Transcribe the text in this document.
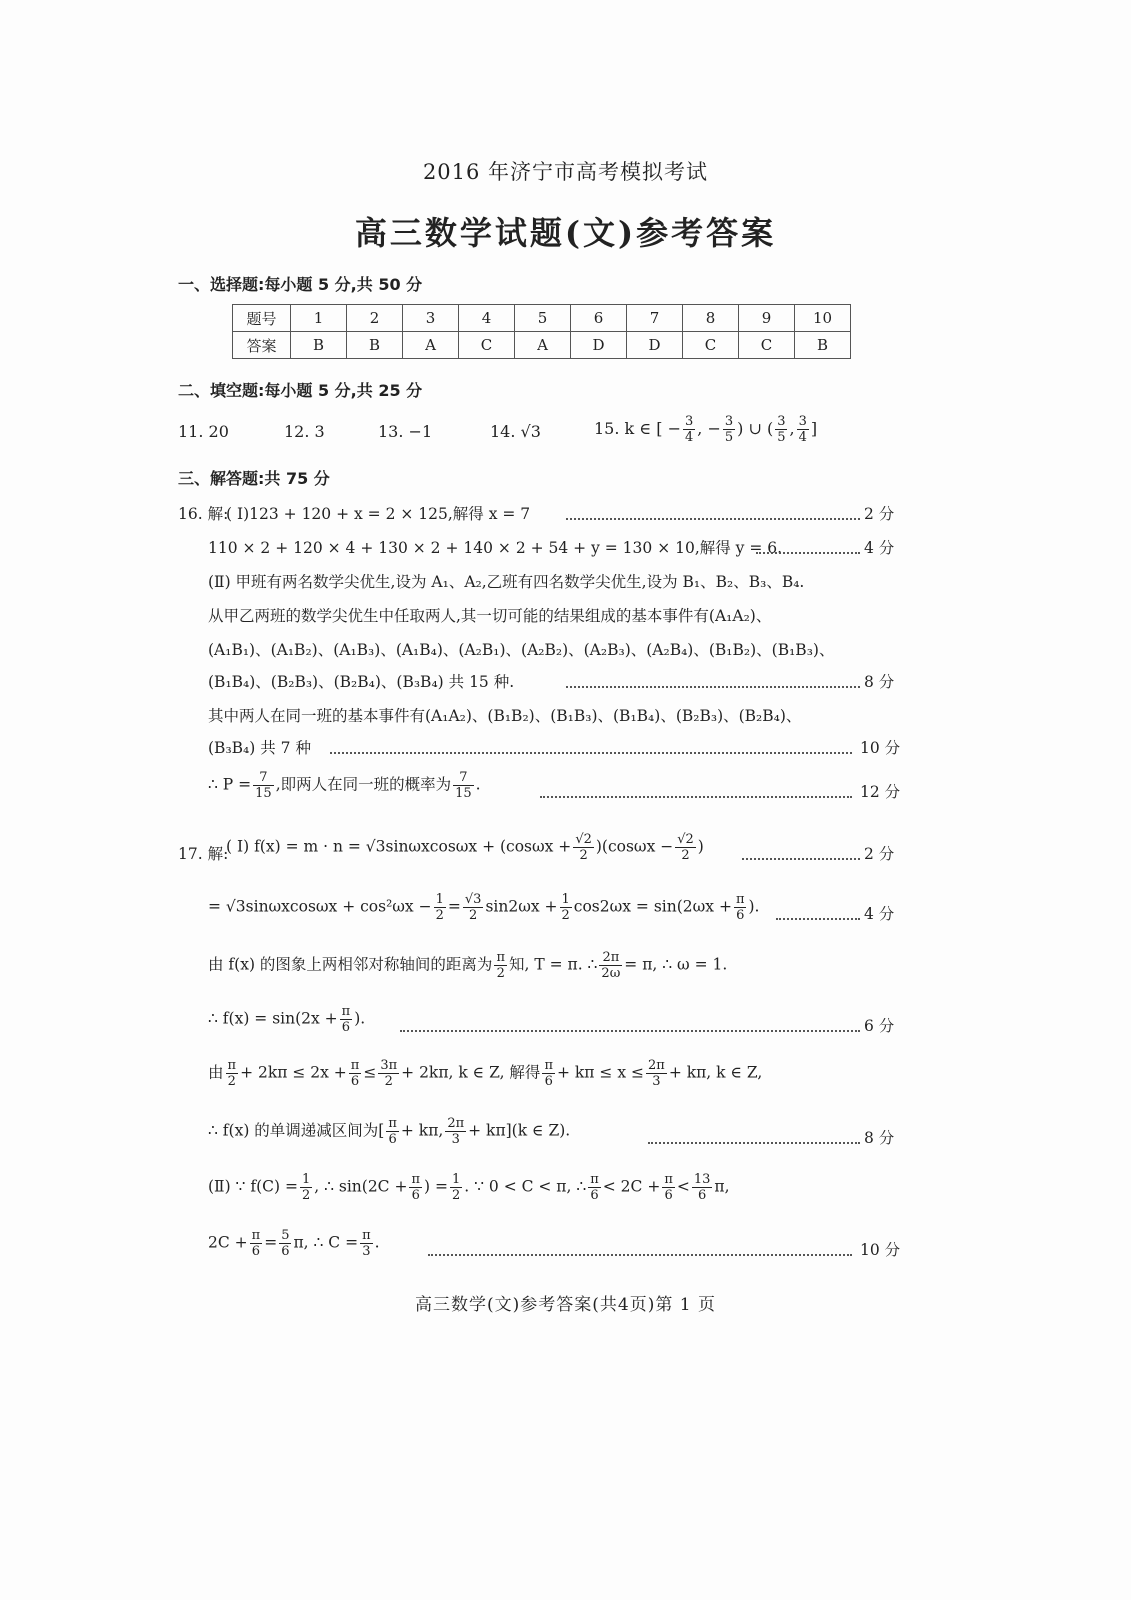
2016 年济宁市高考模拟考试
高三数学试题(文)参考答案
一、选择题:每小题 5 分,共 50 分
题号	1	2	3	4	5	6	7	8	9	10
答案	B	B	A	C	A	D	D	C	C	B
二、填空题:每小题 5 分,共 25 分
11. 20	12. 3	13. −1	14. √3	15. k ∈ [ − $\frac{3}{4}$ , − $\frac{3}{5}$ ) ∪ ( $\frac{3}{5}$ , $\frac{3}{4}$ ]
三、解答题:共 75 分
16. 解:
( Ⅰ)123 + 120 + x = 2 × 125,解得 x = 7	2 分
110 × 2 + 120 × 4 + 130 × 2 + 140 × 2 + 54 + y = 130 × 10,解得 y = 6.	4 分
(Ⅱ) 甲班有两名数学尖优生,设为 A₁、A₂,乙班有四名数学尖优生,设为 B₁、B₂、B₃、B₄.
从甲乙两班的数学尖优生中任取两人,其一切可能的结果组成的基本事件有(A₁A₂)、
(A₁B₁)、(A₁B₂)、(A₁B₃)、(A₁B₄)、(A₂B₁)、(A₂B₂)、(A₂B₃)、(A₂B₄)、(B₁B₂)、(B₁B₃)、
(B₁B₄)、(B₂B₃)、(B₂B₄)、(B₃B₄) 共 15 种.	8 分
其中两人在同一班的基本事件有(A₁A₂)、(B₁B₂)、(B₁B₃)、(B₁B₄)、(B₂B₃)、(B₂B₄)、
(B₃B₄) 共 7 种	10 分
∴ $P = \frac{7}{15}$ ,即两人在同一班的概率为 $\frac{7}{15}$ .	12 分
17. 解:
( Ⅰ) $f(x) = m \cdot n = √3\sin\omega xcos\omega x + (\cos\omega x + \frac{√2}{2} )(\cos\omega x - \frac{√2}{2}$ )	2 分
= $√3\sin\omega xcos\omega x + \cos^2\omega x - \frac{1}{2} = \frac{√3}{2} \sin 2\omega x + \frac{1}{2} \cos 2\omega x = \sin(2\omega x + \frac{\pi}{6}$ ).	4 分
由 f(x) 的图象上两相邻对称轴间的距离为 $\frac{\pi}{2}$ 知, T = π. ∴ $\frac{2\pi}{2\omega} = \pi$, ∴ ω = 1.
∴ $f(x) = \sin(2x + \frac{\pi}{6}$ ).	6 分
由 $\frac{\pi}{2} + 2k\pi \le 2x + \frac{\pi}{6} \le \frac{3\pi}{2} + 2k\pi$, k ∈ Z, 解得 $\frac{\pi}{6} + k\pi \le x \le \frac{2\pi}{3} + k\pi$, k ∈ Z,
∴ f(x) 的单调递减区间为[ $\frac{\pi}{6} + k\pi$, $\frac{2\pi}{3} + k\pi](k$ ∈ Z).	8 分
(Ⅱ) ∵ $f(C) = \frac{1}{2}$ , ∴ $\sin(2C + \frac{\pi}{6}$ ) = $\frac{1}{2}$ . ∵ 0 < C < π, ∴ $\frac{\pi}{6} < 2C + \frac{\pi}{6} < \frac{13}{6} \pi$,
$2C + \frac{\pi}{6} = \frac{5}{6} \pi$, ∴ $C = \frac{\pi}{3}$ .	10 分
高三数学(文)参考答案(共4页)第 1 页
